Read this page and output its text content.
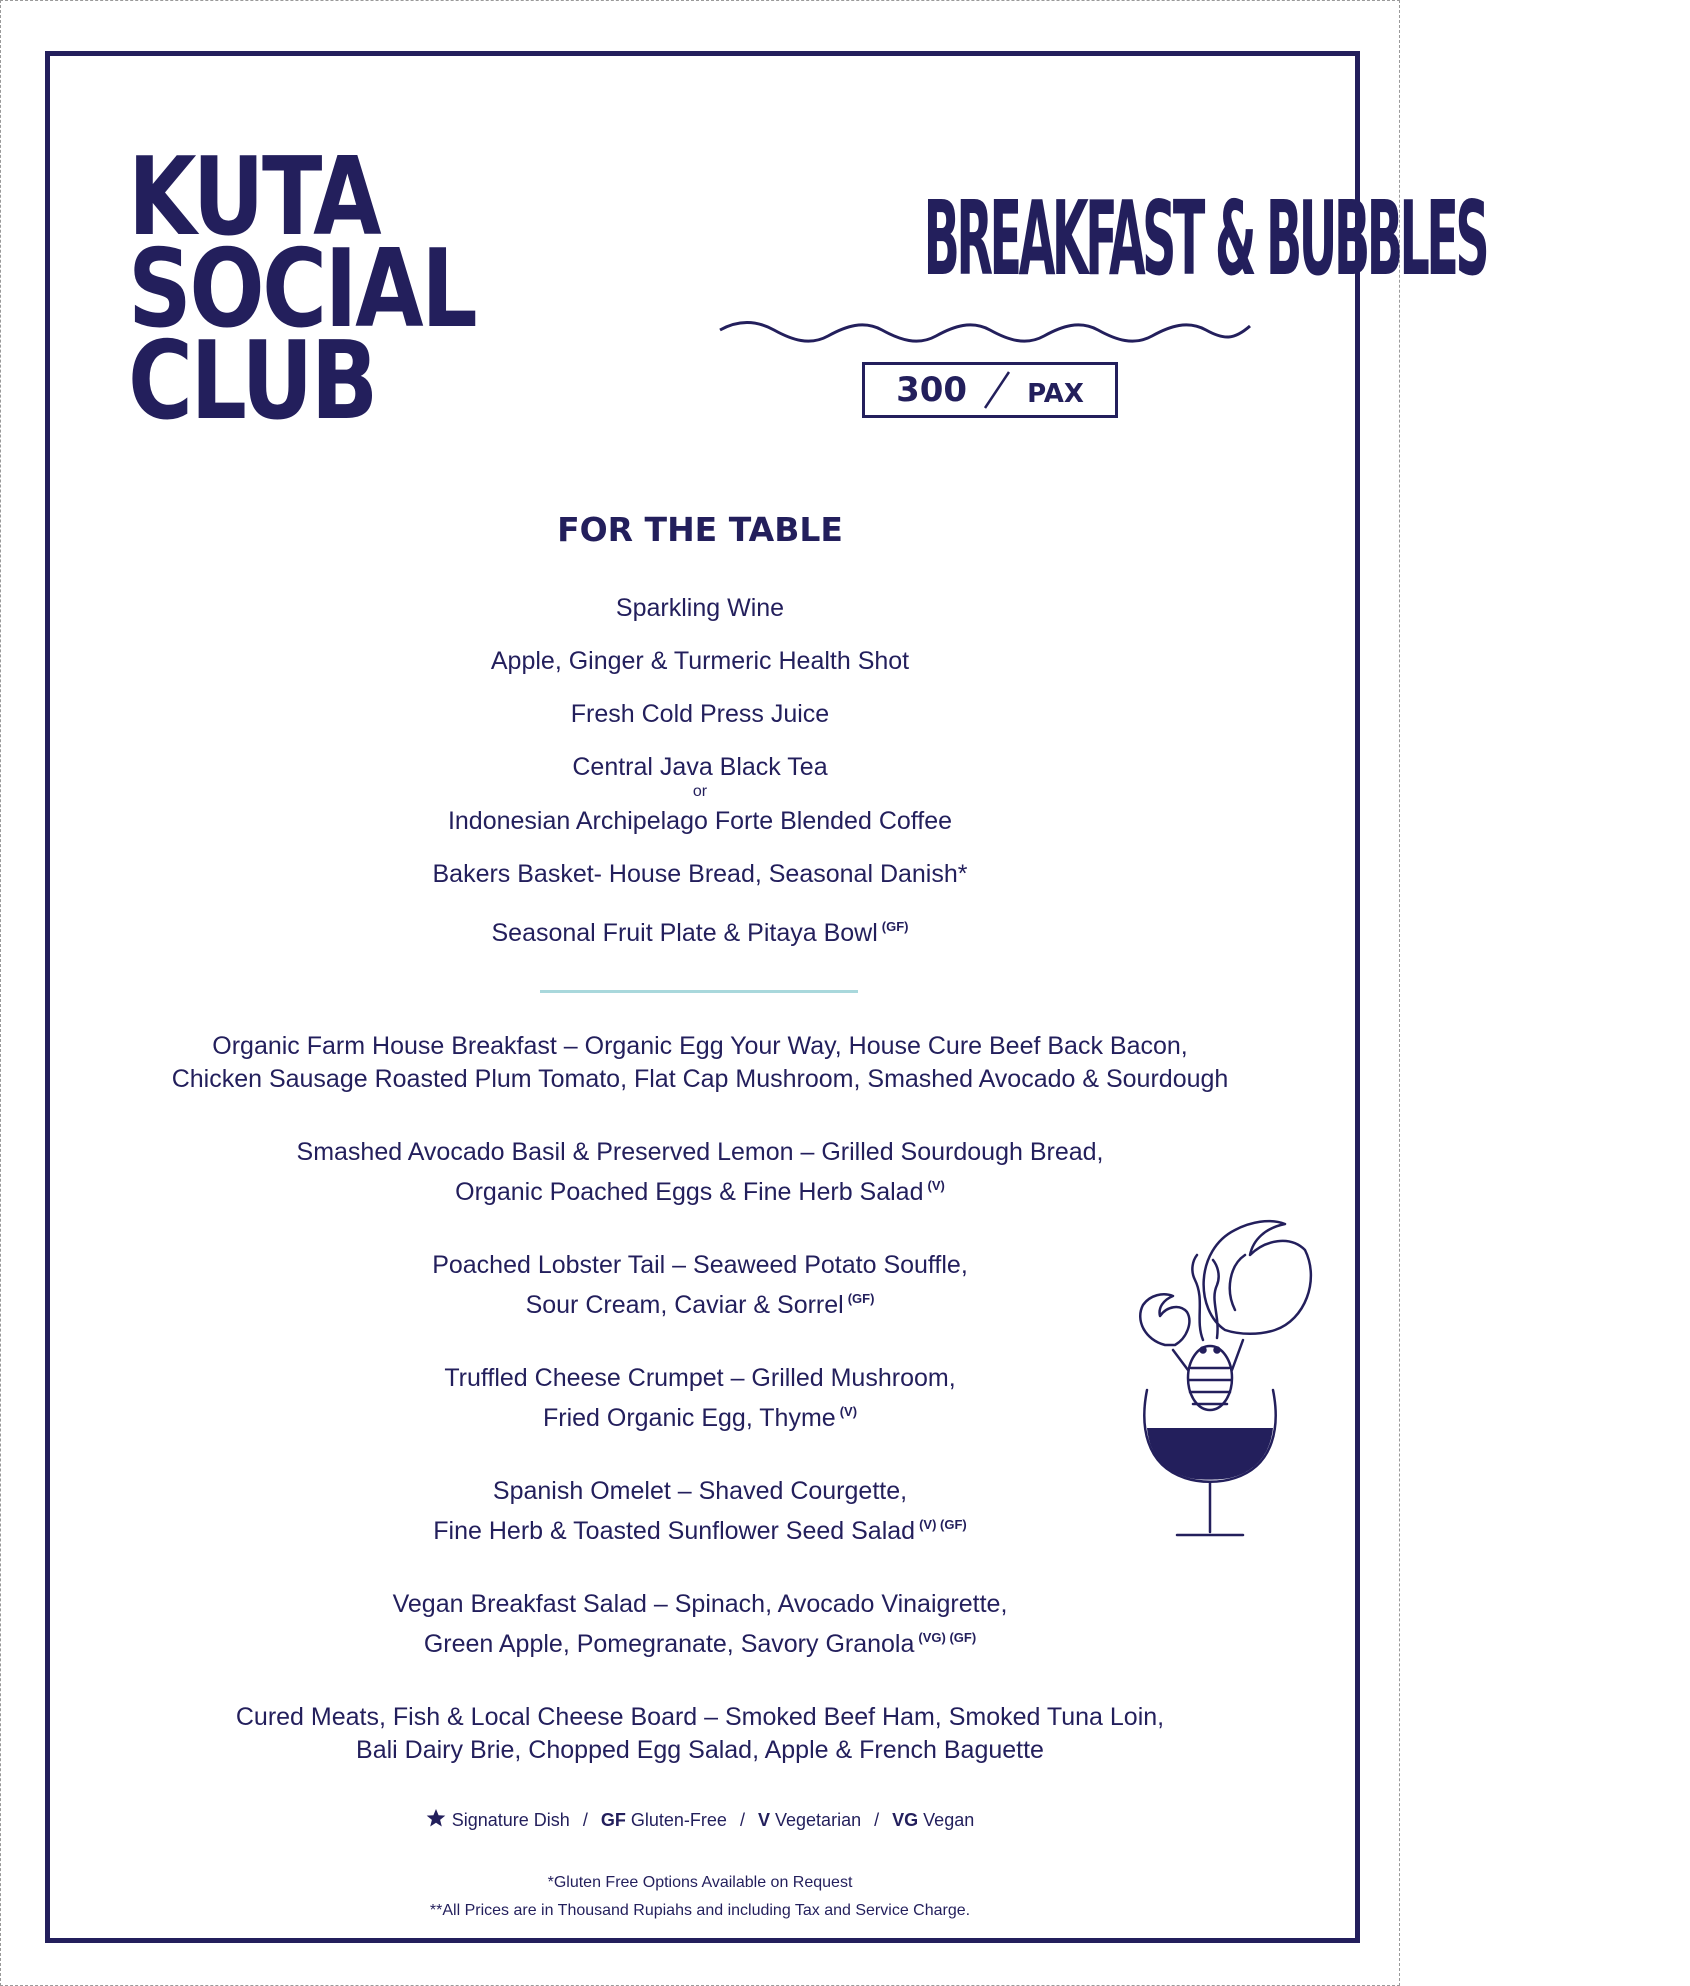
KUTA
SOCIAL
CLUB
BREAKFAST & BUBBLES
300 PAX
FOR THE TABLE
Sparkling Wine
Apple, Ginger & Turmeric Health Shot
Fresh Cold Press Juice
Central Java Black Tea
or
Indonesian Archipelago Forte Blended Coffee
Bakers Basket- House Bread, Seasonal Danish*
Seasonal Fruit Plate & Pitaya Bowl $^{(GF)}$
Organic Farm House Breakfast – Organic Egg Your Way, House Cure Beef Back Bacon,
Chicken Sausage Roasted Plum Tomato, Flat Cap Mushroom, Smashed Avocado & Sourdough
Smashed Avocado Basil & Preserved Lemon – Grilled Sourdough Bread,
Organic Poached Eggs & Fine Herb Salad $^{(V)}$
Poached Lobster Tail – Seaweed Potato Souffle,
Sour Cream, Caviar & Sorrel $^{(GF)}$
Truffled Cheese Crumpet – Grilled Mushroom,
Fried Organic Egg, Thyme $^{(V)}$
Spanish Omelet – Shaved Courgette,
Fine Herb & Toasted Sunflower Seed Salad $^{(V) (GF)}$
Vegan Breakfast Salad – Spinach, Avocado Vinaigrette,
Green Apple, Pomegranate, Savory Granola $^{(VG) (GF)}$
Cured Meats, Fish & Local Cheese Board – Smoked Beef Ham, Smoked Tuna Loin,
Bali Dairy Brie, Chopped Egg Salad, Apple & French Baguette
Signature Dish / GF Gluten-Free / V Vegetarian / VG Vegan
*Gluten Free Options Available on Request
**All Prices are in Thousand Rupiahs and including Tax and Service Charge.
